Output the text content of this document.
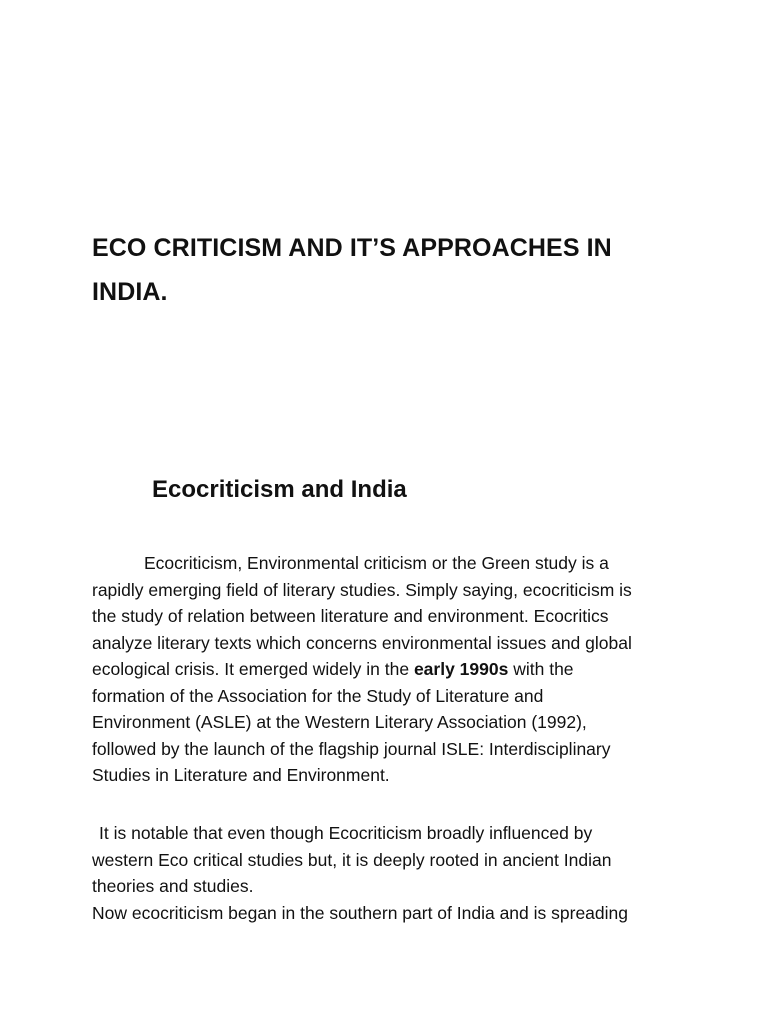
ECO CRITICISM AND IT’S APPROACHES IN
INDIA.
Ecocriticism and India

Ecocriticism, Environmental criticism or the Green study is a
rapidly emerging field of literary studies. Simply saying, ecocriticism is
the study of relation between literature and environment. Ecocritics
analyze literary texts which concerns environmental issues and global
ecological crisis. It emerged widely in the early 1990s with the
formation of the Association for the Study of Literature and
Environment (ASLE) at the Western Literary Association (1992),
followed by the launch of the flagship journal ISLE: Interdisciplinary
Studies in Literature and Environment.

It is notable that even though Ecocriticism broadly influenced by
western Eco critical studies but, it is deeply rooted in ancient Indian
theories and studies.
Now ecocriticism began in the southern part of India and is spreading
